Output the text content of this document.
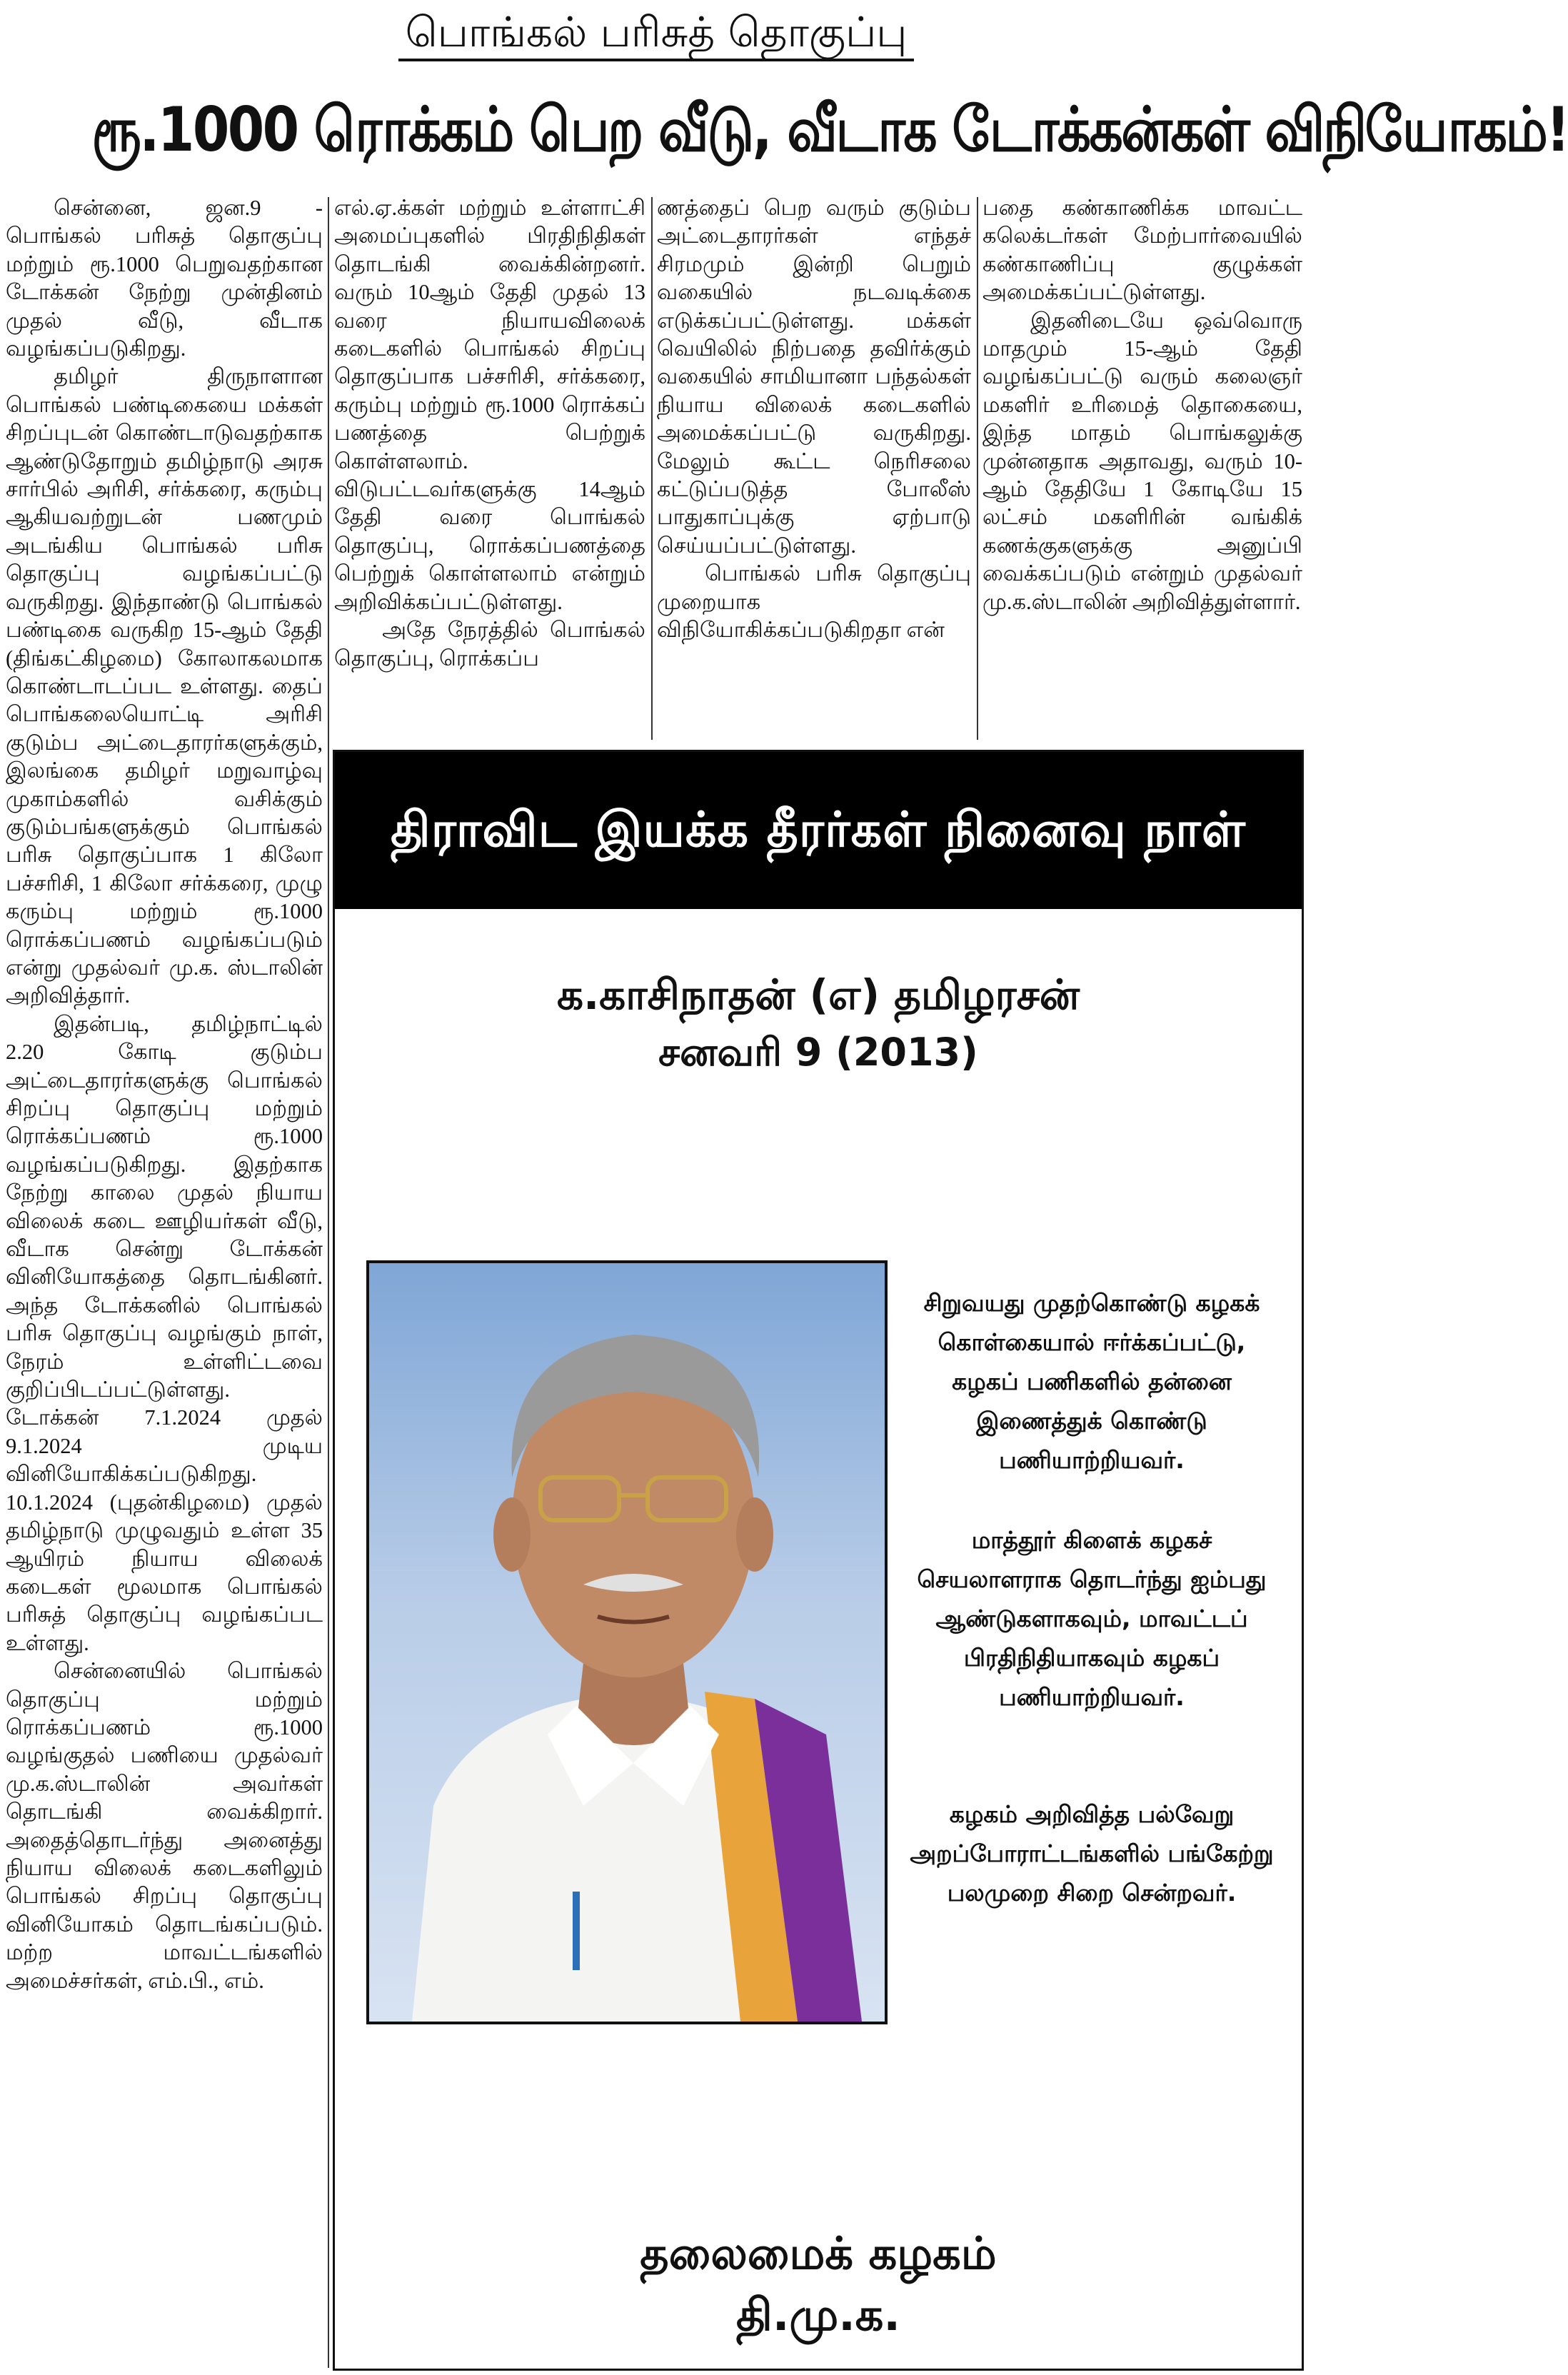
பொங்கல் பரிசுத் தொகுப்பு
ரூ.1000 ரொக்கம் பெற வீடு, வீடாக டோக்கன்கள் விநியோகம்!

சென்னை, ஜன.9 - பொங்கல் பரிசுத் தொகுப்பு மற்றும் ரூ.1000 பெறுவதற்கான டோக்கன் நேற்று முன்தினம் முதல் வீடு, வீடாக வழங்கப்படுகிறது.

தமிழர் திருநாளான பொங்கல் பண்டிகையை மக்கள் சிறப்புடன் கொண்டாடுவதற்காக ஆண்டுதோறும் தமிழ்நாடு அரசு சார்பில் அரிசி, சர்க்கரை, கரும்பு ஆகியவற்றுடன் பணமும் அடங்கிய பொங்கல் பரிசு தொகுப்பு வழங்கப்பட்டு வருகிறது. இந்தாண்டு பொங்கல் பண்டிகை வருகிற 15-ஆம் தேதி (திங்கட்கிழமை) கோலாகலமாக கொண்டாடப்பட உள்ளது. தைப் பொங்கலையொட்டி அரிசி குடும்ப அட்டைதாரர்களுக்கும், இலங்கை தமிழர் மறுவாழ்வு முகாம்களில் வசிக்கும் குடும்பங்களுக்கும் பொங்கல் பரிசு தொகுப்பாக 1 கிலோ பச்சரிசி, 1 கிலோ சர்க்கரை, முழு கரும்பு மற்றும் ரூ.1000 ரொக்கப்பணம் வழங்கப்படும் என்று முதல்வர் மு.க. ஸ்டாலின் அறிவித்தார்.

இதன்படி, தமிழ்நாட்டில் 2.20 கோடி குடும்ப அட்டைதாரர்களுக்கு பொங்கல் சிறப்பு தொகுப்பு மற்றும் ரொக்கப்பணம் ரூ.1000 வழங்கப்படுகிறது. இதற்காக நேற்று காலை முதல் நியாய விலைக் கடை ஊழியர்கள் வீடு, வீடாக சென்று டோக்கன் வினியோகத்தை தொடங்கினர். அந்த டோக்கனில் பொங்கல் பரிசு தொகுப்பு வழங்கும் நாள், நேரம் உள்ளிட்டவை குறிப்பிடப்பட்டுள்ளது. டோக்கன் 7.1.2024 முதல் 9.1.2024 முடிய வினியோகிக்கப்படுகிறது. 10.1.2024 (புதன்கிழமை) முதல் தமிழ்நாடு முழுவதும் உள்ள 35 ஆயிரம் நியாய விலைக் கடைகள் மூலமாக பொங்கல் பரிசுத் தொகுப்பு வழங்கப்பட உள்ளது.

சென்னையில் பொங்கல் தொகுப்பு மற்றும் ரொக்கப்பணம் ரூ.1000 வழங்குதல் பணியை முதல்வர் மு.க.ஸ்டாலின் அவர்கள் தொடங்கி வைக்கிறார். அதைத்தொடர்ந்து அனைத்து நியாய விலைக் கடைகளிலும் பொங்கல் சிறப்பு தொகுப்பு வினியோகம் தொடங்கப்படும். மற்ற மாவட்டங்களில் அமைச்சர்கள், எம்.பி., எம்.

எல்.ஏ.க்கள் மற்றும் உள்ளாட்சி அமைப்புகளில் பிரதிநிதிகள் தொடங்கி வைக்கின்றனர். வரும் 10ஆம் தேதி முதல் 13 வரை நியாயவிலைக் கடைகளில் பொங்கல் சிறப்பு தொகுப்பாக பச்சரிசி, சர்க்கரை, கரும்பு மற்றும் ரூ.1000 ரொக்கப் பணத்தை பெற்றுக் கொள்ளலாம். விடுபட்டவர்களுக்கு 14ஆம் தேதி வரை பொங்கல் தொகுப்பு, ரொக்கப்பணத்தை பெற்றுக் கொள்ளலாம் என்றும் அறிவிக்கப்பட்டுள்ளது.

அதே நேரத்தில் பொங்கல் தொகுப்பு, ரொக்கப்ப

ணத்தைப் பெற வரும் குடும்ப அட்டைதாரர்கள் எந்தச் சிரமமும் இன்றி பெறும் வகையில் நடவடிக்கை எடுக்கப்பட்டுள்ளது. மக்கள் வெயிலில் நிற்பதை தவிர்க்கும் வகையில் சாமியானா பந்தல்கள் நியாய விலைக் கடைகளில் அமைக்கப்பட்டு வருகிறது. மேலும் கூட்ட நெரிசலை கட்டுப்படுத்த போலீஸ் பாதுகாப்புக்கு ஏற்பாடு செய்யப்பட்டுள்ளது.

பொங்கல் பரிசு தொகுப்பு முறையாக விநியோகிக்கப்படுகிறதா என்

பதை கண்காணிக்க மாவட்ட கலெக்டர்கள் மேற்பார்வையில் கண்காணிப்பு குழுக்கள் அமைக்கப்பட்டுள்ளது.

இதனிடையே ஒவ்வொரு மாதமும் 15-ஆம் தேதி வழங்கப்பட்டு வரும் கலைஞர் மகளிர் உரிமைத் தொகையை, இந்த மாதம் பொங்கலுக்கு முன்னதாக அதாவது, வரும் 10-ஆம் தேதியே 1 கோடியே 15 லட்சம் மகளிரின் வங்கிக் கணக்குகளுக்கு அனுப்பி வைக்கப்படும் என்றும் முதல்வர் மு.க.ஸ்டாலின் அறிவித்துள்ளார்.

திராவிட இயக்க தீரர்கள் நினைவு நாள்
க.காசிநாதன் (எ) தமிழரசன்
சனவரி 9 (2013)

சிறுவயது முதற்கொண்டு கழகக் கொள்கையால் ஈர்க்கப்பட்டு, கழகப் பணிகளில் தன்னை இணைத்துக் கொண்டு பணியாற்றியவர்.

மாத்தூர் கிளைக் கழகச் செயலாளராக தொடர்ந்து ஐம்பது ஆண்டுகளாகவும், மாவட்டப் பிரதிநிதியாகவும் கழகப் பணியாற்றியவர்.

கழகம் அறிவித்த பல்வேறு அறப்போராட்டங்களில் பங்கேற்று பலமுறை சிறை சென்றவர்.

தலைமைக் கழகம்
தி.மு.க.
